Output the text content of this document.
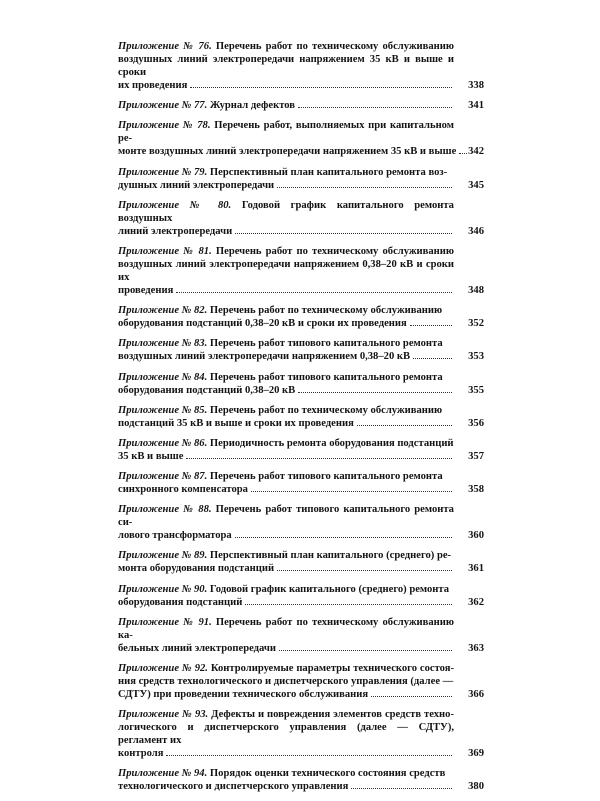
Приложение № 76. Перечень работ по техническому обслуживанию воздушных линий электропередачи напряжением 35 кВ и выше и сроки
их проведения	338
Приложение № 77.
Журнал дефектов	341
Приложение № 78. Перечень работ, выполняемых при капитальном ре-
монте воздушных линий электропередачи напряжением 35 кВ и выше	342
Приложение № 79. Перспективный план капитального ремонта воз-
душных линий электропередачи	345
Приложение № 80. Годовой график капитального ремонта воздушных
линий электропередачи	346
Приложение № 81. Перечень работ по техническому обслуживанию воздушных линий электропередачи напряжением 0,38–20 кВ и сроки их
проведения	348
Приложение № 82. Перечень работ по техническому обслуживанию
оборудования подстанций 0,38–20 кВ и сроки их проведения	352
Приложение № 83. Перечень работ типового капитального ремонта
воздушных линий электропередачи напряжением 0,38–20 кВ	353
Приложение № 84. Перечень работ типового капитального ремонта
оборудования подстанций 0,38–20 кВ	355
Приложение № 85. Перечень работ по техническому обслуживанию
подстанций 35 кВ и выше и сроки их проведения	356
Приложение № 86. Периодичность ремонта оборудования подстанций
35 кВ и выше	357
Приложение № 87. Перечень работ типового капитального ремонта
синхронного компенсатора	358
Приложение № 88. Перечень работ типового капитального ремонта си-
лового трансформатора	360
Приложение № 89. Перспективный план капитального (среднего) ре-
монта оборудования подстанций	361
Приложение № 90. Годовой график капитального (среднего) ремонта
оборудования подстанций	362
Приложение № 91. Перечень работ по техническому обслуживанию ка-
бельных линий электропередачи	363
Приложение № 92. Контролируемые параметры технического состоя- ния средств технологического и диспетчерского управления (далее —
СДТУ) при проведении технического обслуживания	366
Приложение № 93. Дефекты и повреждения элементов средств техно- логического и диспетчерского управления (далее — СДТУ), регламент их
контроля	369
Приложение № 94. Порядок оценки технического состояния средств
технологического и диспетчерского управления	380
